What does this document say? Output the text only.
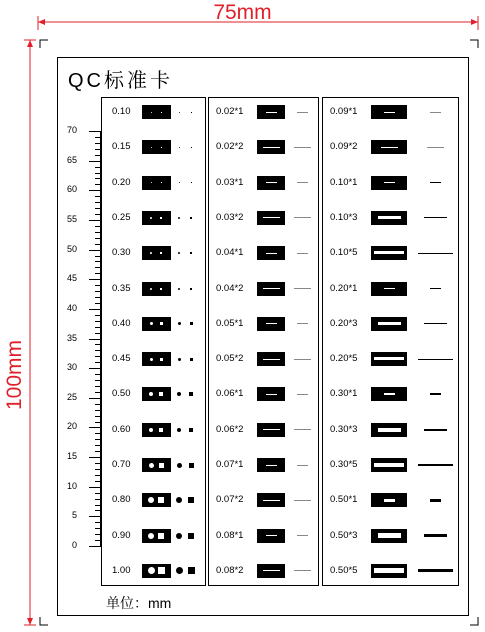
75mm
100mm
QC标准卡
单位：mm
70
65
60
55
50
45
40
35
30
25
20
15
10
5
0
0.10
0.15
0.20
0.25
0.30
0.35
0.40
0.45
0.50
0.60
0.70
0.80
0.90
1.00
0.02*1
0.02*2
0.03*1
0.03*2
0.04*1
0.04*2
0.05*1
0.05*2
0.06*1
0.06*2
0.07*1
0.07*2
0.08*1
0.08*2
0.09*1
0.09*2
0.10*1
0.10*3
0.10*5
0.20*1
0.20*3
0.20*5
0.30*1
0.30*3
0.30*5
0.50*1
0.50*3
0.50*5
